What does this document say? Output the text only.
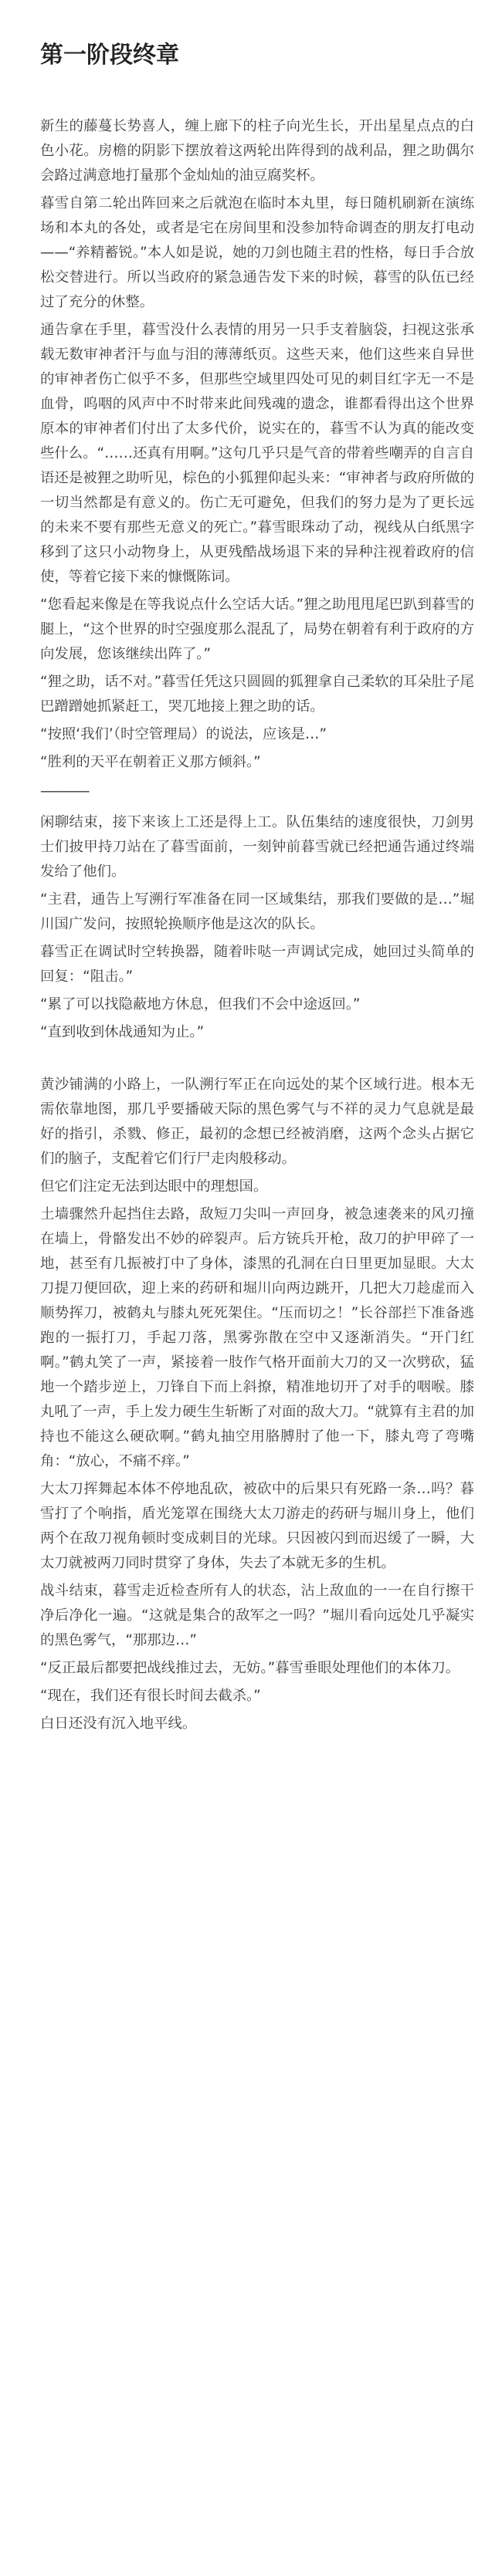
第一阶段终章

新生的藤蔓长势喜人，缠上廊下的柱子向光生长，开出星星点点的白色小花。房檐的阴影下摆放着这两轮出阵得到的战利品，狸之助偶尔会路过满意地打量那个金灿灿的油豆腐奖杯。

暮雪自第二轮出阵回来之后就泡在临时本丸里，每日随机刷新在演练场和本丸的各处，或者是宅在房间里和没参加特命调查的朋友打电动——“养精蓄锐。”本人如是说，她的刀剑也随主君的性格，每日手合放松交替进行。所以当政府的紧急通告发下来的时候，暮雪的队伍已经过了充分的休整。

通告拿在手里，暮雪没什么表情的用另一只手支着脑袋，扫视这张承载无数审神者汗与血与泪的薄薄纸页。这些天来，他们这些来自异世的审神者伤亡似乎不多，但那些空域里四处可见的刺目红字无一不是血骨，呜咽的风声中不时带来此间残魂的遗念，谁都看得出这个世界原本的审神者们付出了太多代价，说实在的，暮雪不认为真的能改变些什么。“……还真有用啊。”这句几乎只是气音的带着些嘲弄的自言自语还是被狸之助听见，棕色的小狐狸仰起头来：“审神者与政府所做的一切当然都是有意义的。伤亡无可避免，但我们的努力是为了更长远的未来不要有那些无意义的死亡。”暮雪眼珠动了动，视线从白纸黑字移到了这只小动物身上，从更残酷战场退下来的异种注视着政府的信使，等着它接下来的慷慨陈词。

“您看起来像是在等我说点什么空话大话。”狸之助甩甩尾巴趴到暮雪的腿上，“这个世界的时空强度那么混乱了，局势在朝着有利于政府的方向发展，您该继续出阵了。”

“狸之助，话不对。”暮雪任凭这只圆圆的狐狸拿自己柔软的耳朵肚子尾巴蹭蹭她抓紧赶工，哭兀地接上狸之助的话。

“按照‘我们’（时空管理局）的说法，应该是…”

“胜利的天平在朝着正义那方倾斜。”

————

闲聊结束，接下来该上工还是得上工。队伍集结的速度很快，刀剑男士们披甲持刀站在了暮雪面前，一刻钟前暮雪就已经把通告通过终端发给了他们。

“主君，通告上写溯行军准备在同一区域集结，那我们要做的是…”堀川国广发问，按照轮换顺序他是这次的队长。

暮雪正在调试时空转换器，随着咔哒一声调试完成，她回过头简单的回复：“阻击。”

“累了可以找隐蔽地方休息，但我们不会中途返回。”

“直到收到休战通知为止。”

黄沙铺满的小路上，一队溯行军正在向远处的某个区域行进。根本无需依靠地图，那几乎要播破天际的黑色雾气与不祥的灵力气息就是最好的指引，杀戮、修正，最初的念想已经被消磨，这两个念头占据它们的脑子，支配着它们行尸走肉般移动。

但它们注定无法到达眼中的理想国。

土墙骤然升起挡住去路，敌短刀尖叫一声回身，被急速袭来的风刃撞在墙上，骨骼发出不妙的碎裂声。后方铳兵开枪，敌刀的护甲碎了一地，甚至有几振被打中了身体，漆黑的孔洞在白日里更加显眼。大太刀提刀便回砍，迎上来的药研和堀川向两边跳开，几把大刀趁虚而入顺势挥刀，被鹤丸与膝丸死死架住。“压而切之！”长谷部拦下准备逃跑的一振打刀，手起刀落，黑雾弥散在空中又逐渐消失。“开门红啊。”鹤丸笑了一声，紧接着一肢作气格开面前大刀的又一次劈砍，猛地一个踏步逆上，刀锋自下而上斜撩，精准地切开了对手的咽喉。膝丸吼了一声，手上发力硬生生斩断了对面的敌大刀。“就算有主君的加持也不能这么硬砍啊。”鹤丸抽空用胳膊肘了他一下，膝丸弯了弯嘴角：“放心，不痛不痒。”

大太刀挥舞起本体不停地乱砍，被砍中的后果只有死路一条…吗？暮雪打了个响指，盾光笼罩在围绕大太刀游走的药研与堀川身上，他们两个在敌刀视角顿时变成刺目的光球。只因被闪到而迟缓了一瞬，大太刀就被两刀同时贯穿了身体，失去了本就无多的生机。

战斗结束，暮雪走近检查所有人的状态，沾上敌血的一一在自行擦干净后净化一遍。“这就是集合的敌军之一吗？”堀川看向远处几乎凝实的黑色雾气，“那那边…”

“反正最后都要把战线推过去，无妨。”暮雪垂眼处理他们的本体刀。

“现在，我们还有很长时间去截杀。”

白日还没有沉入地平线。
